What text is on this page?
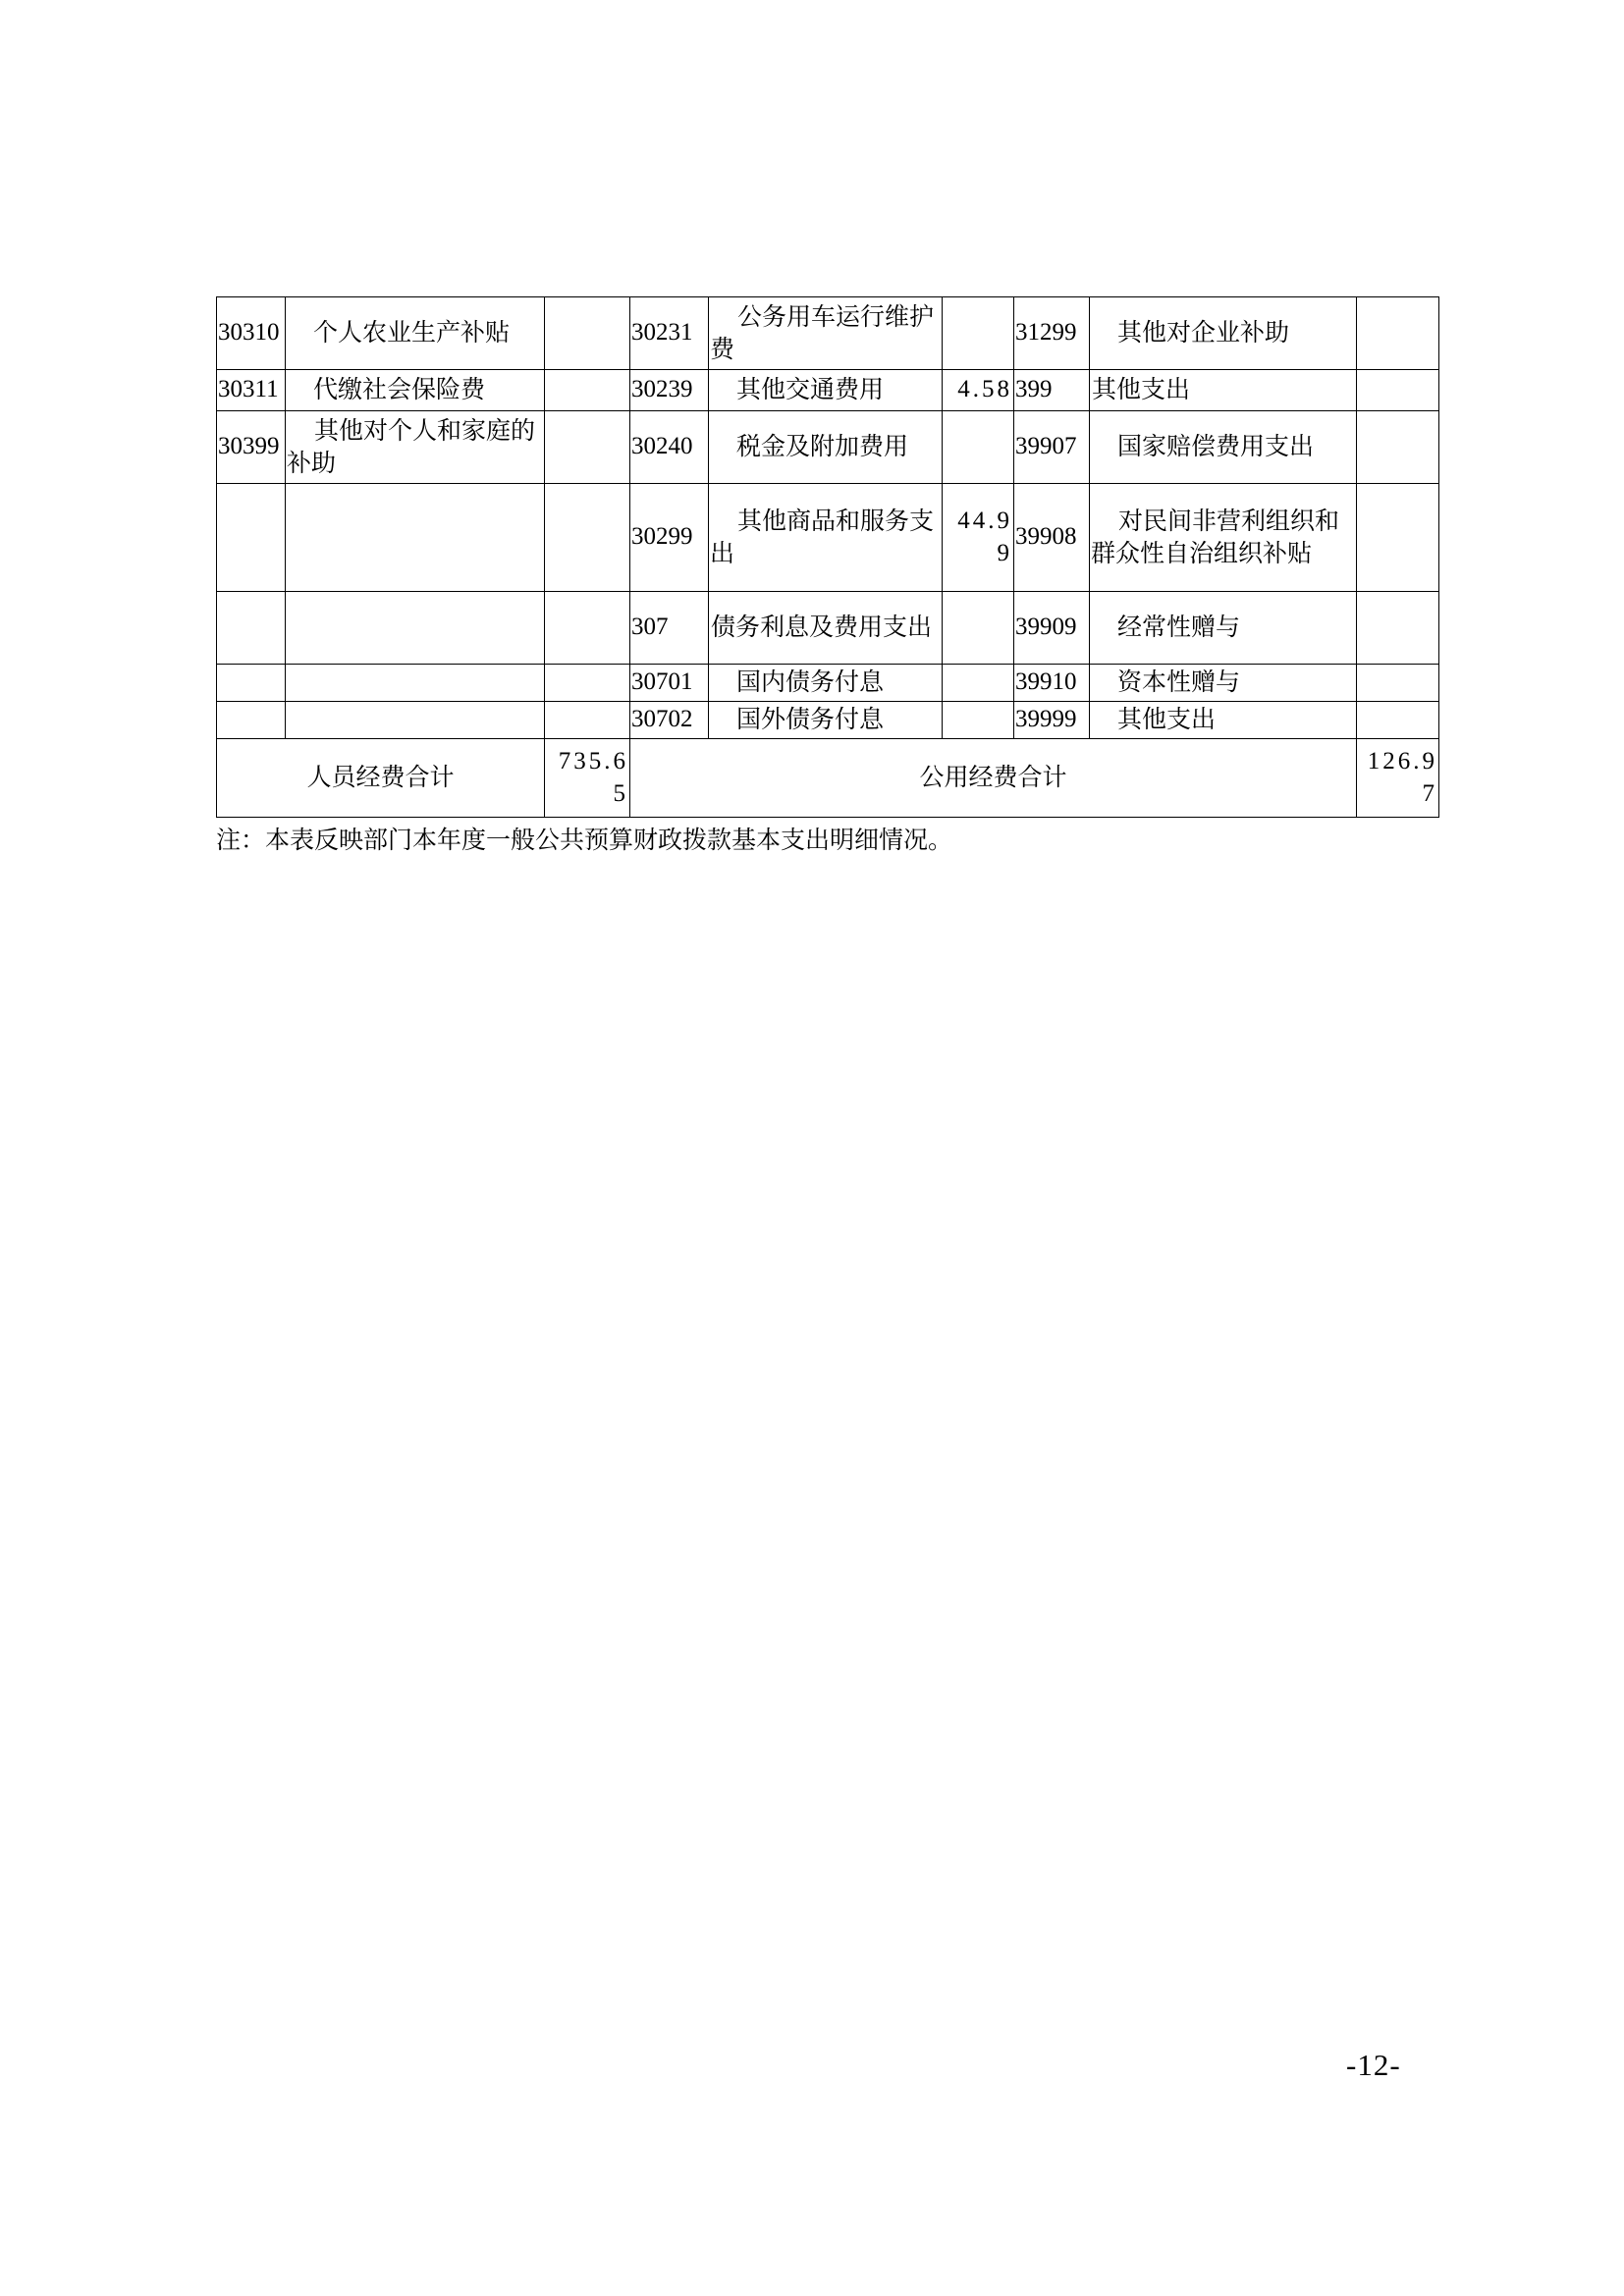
30310	个人农业生产补贴		30231	公务用车运行维护费		31299	其他对企业补助	
30311	代缴社会保险费		30239	其他交通费用	4.58	399	其他支出	
30399	其他对个人和家庭的补助		30240	税金及附加费用		39907	国家赔偿费用支出	
			30299	其他商品和服务支出	44.99	39908	对民间非营利组织和群众性自治组织补贴	
			307	债务利息及费用支出		39909	经常性赠与	
			30701	国内债务付息		39910	资本性赠与	
			30702	国外债务付息		39999	其他支出	
人员经费合计		735.65	公用经费合计					126.97
注：本表反映部门本年度一般公共预算财政拨款基本支出明细情况。
-12-
